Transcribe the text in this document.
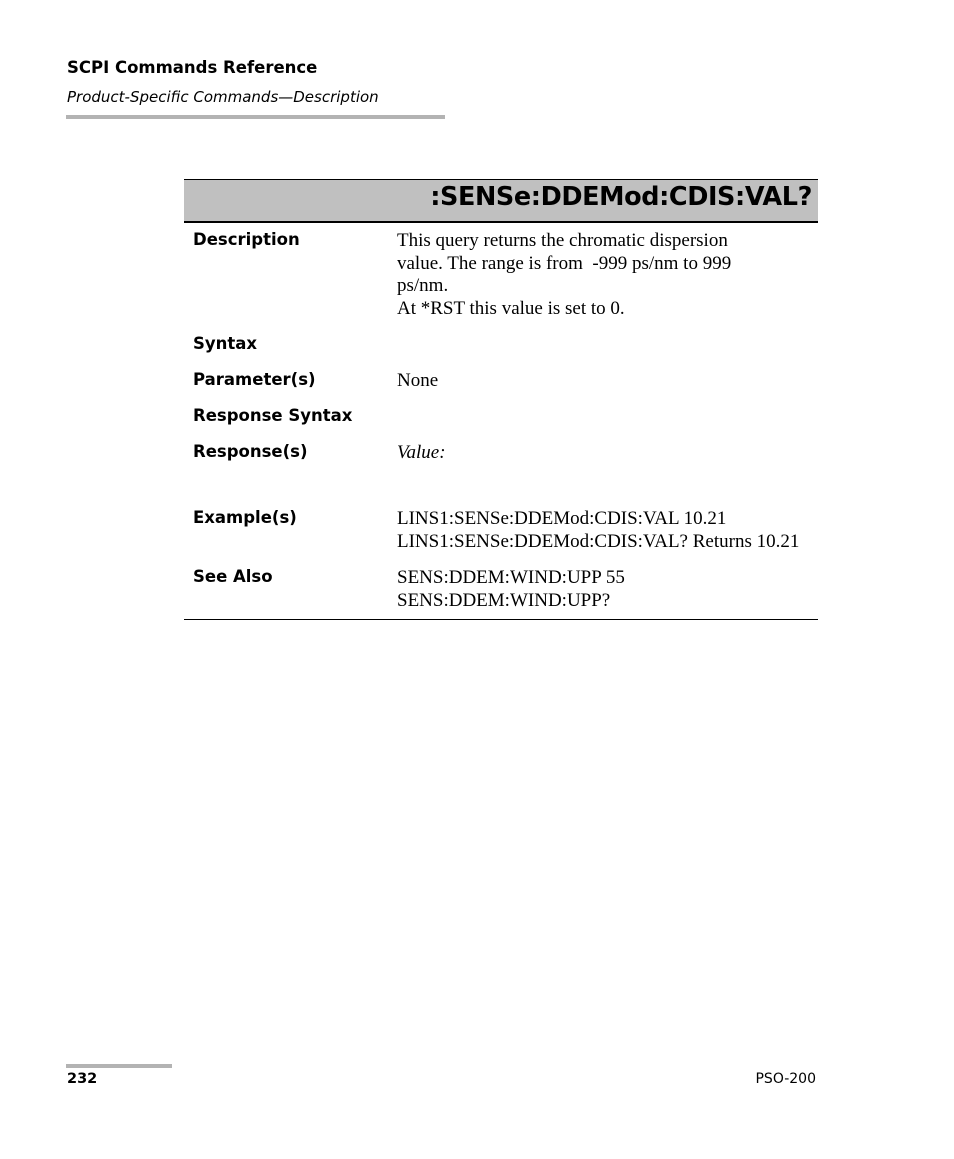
SCPI Commands Reference
Product-Specific Commands—Description
:SENSe:DDEMod:CDIS:VAL?
Description	This query returns the chromatic dispersion
value. The range is from  -999 ps/nm to 999
ps/nm.
At *RST this value is set to 0.
Syntax
Parameter(s)	None
Response Syntax
Response(s)	Value:
Example(s)	LINS1:SENSe:DDEMod:CDIS:VAL 10.21
LINS1:SENSe:DDEMod:CDIS:VAL? Returns 10.21
See Also	SENS:DDEM:WIND:UPP 55
SENS:DDEM:WIND:UPP?
232	PSO-200
